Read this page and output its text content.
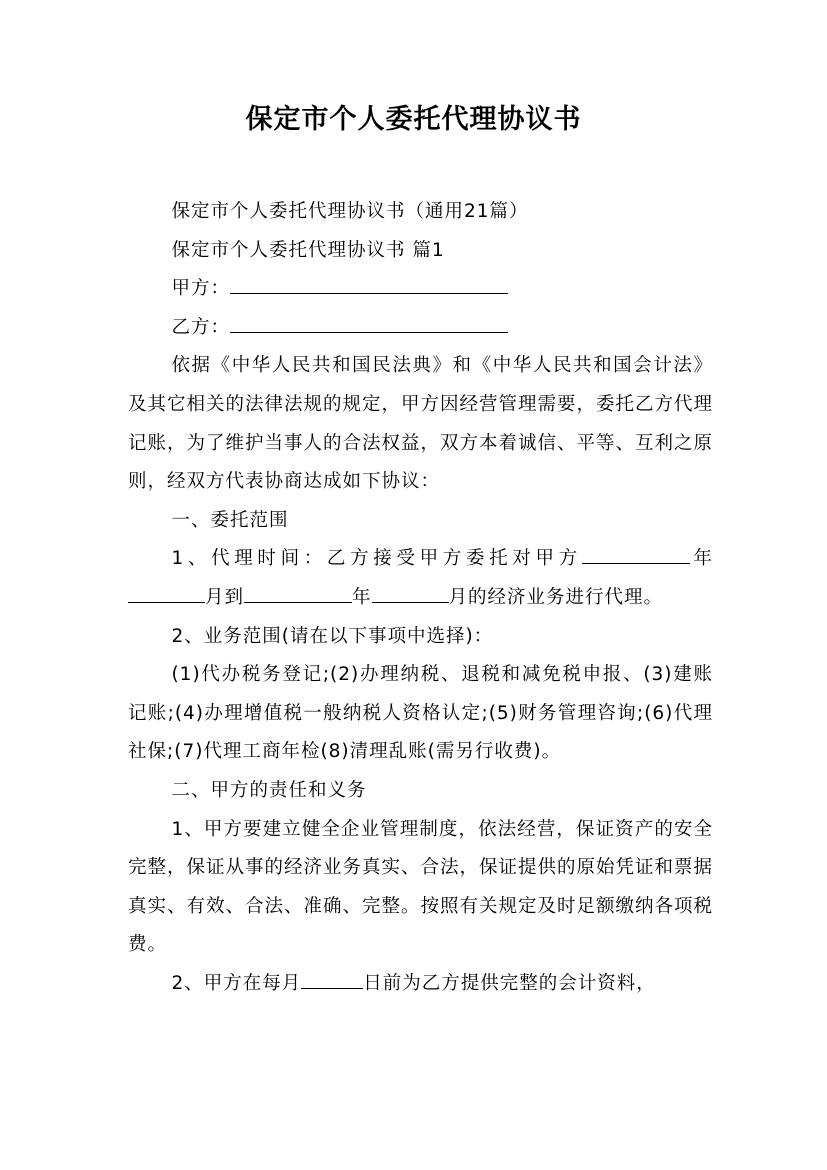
保定市个人委托代理协议书

保定市个人委托代理协议书（通用21篇）

保定市个人委托代理协议书 篇1

甲方：

乙方：

依据《中华人民共和国民法典》和《中华人民共和国会计法》及其它相关的法律法规的规定，甲方因经营管理需要，委托乙方代理记账，为了维护当事人的合法权益，双方本着诚信、平等、互利之原则，经双方代表协商达成如下协议：

一、委托范围

1、代理时间：乙方接受甲方委托对甲方	年月到	年	月的经济业务进行代理。

2、业务范围(请在以下事项中选择)：

(1)代办税务登记;(2)办理纳税、退税和减免税申报、(3)建账记账;(4)办理增值税一般纳税人资格认定;(5)财务管理咨询;(6)代理社保;(7)代理工商年检(8)清理乱账(需另行收费)。

二、甲方的责任和义务

1、甲方要建立健全企业管理制度，依法经营，保证资产的安全完整，保证从事的经济业务真实、合法，保证提供的原始凭证和票据真实、有效、合法、准确、完整。按照有关规定及时足额缴纳各项税费。

2、甲方在每月	日前为乙方提供完整的会计资料，
